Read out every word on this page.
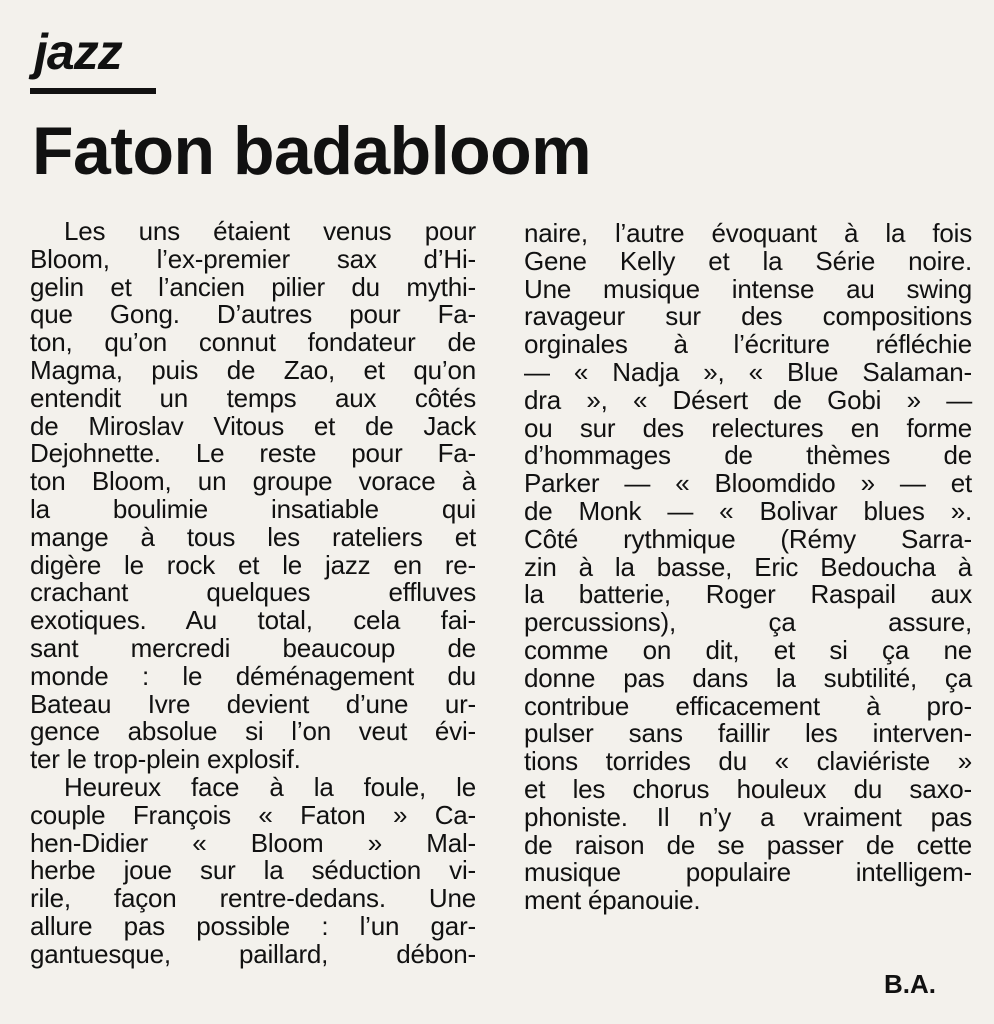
jazz
Faton badabloom
Les uns étaient venus pour
Bloom, l’ex-premier sax d’Hi-
gelin et l’ancien pilier du mythi-
que Gong. D’autres pour Fa-
ton, qu’on connut fondateur de
Magma, puis de Zao, et qu’on
entendit un temps aux côtés
de Miroslav Vitous et de Jack
Dejohnette. Le reste pour Fa-
ton Bloom, un groupe vorace à
la boulimie insatiable qui
mange à tous les rateliers et
digère le rock et le jazz en re-
crachant quelques effluves
exotiques. Au total, cela fai-
sant mercredi beaucoup de
monde : le déménagement du
Bateau Ivre devient d’une ur-
gence absolue si l’on veut évi-
ter le trop-plein explosif.
Heureux face à la foule, le
couple François « Faton » Ca-
hen-Didier « Bloom » Mal-
herbe joue sur la séduction vi-
rile, façon rentre-dedans. Une
allure pas possible : l’un gar-
gantuesque, paillard, débon-
naire, l’autre évoquant à la fois
Gene Kelly et la Série noire.
Une musique intense au swing
ravageur sur des compositions
orginales à l’écriture réfléchie
— « Nadja », « Blue Salaman-
dra », « Désert de Gobi » —
ou sur des relectures en forme
d’hommages de thèmes de
Parker — « Bloomdido » — et
de Monk — « Bolivar blues ».
Côté rythmique (Rémy Sarra-
zin à la basse, Eric Bedoucha à
la batterie, Roger Raspail aux
percussions), ça assure,
comme on dit, et si ça ne
donne pas dans la subtilité, ça
contribue efficacement à pro-
pulser sans faillir les interven-
tions torrides du « claviériste »
et les chorus houleux du saxo-
phoniste. Il n’y a vraiment pas
de raison de se passer de cette
musique populaire intelligem-
ment épanouie.

B.A.
